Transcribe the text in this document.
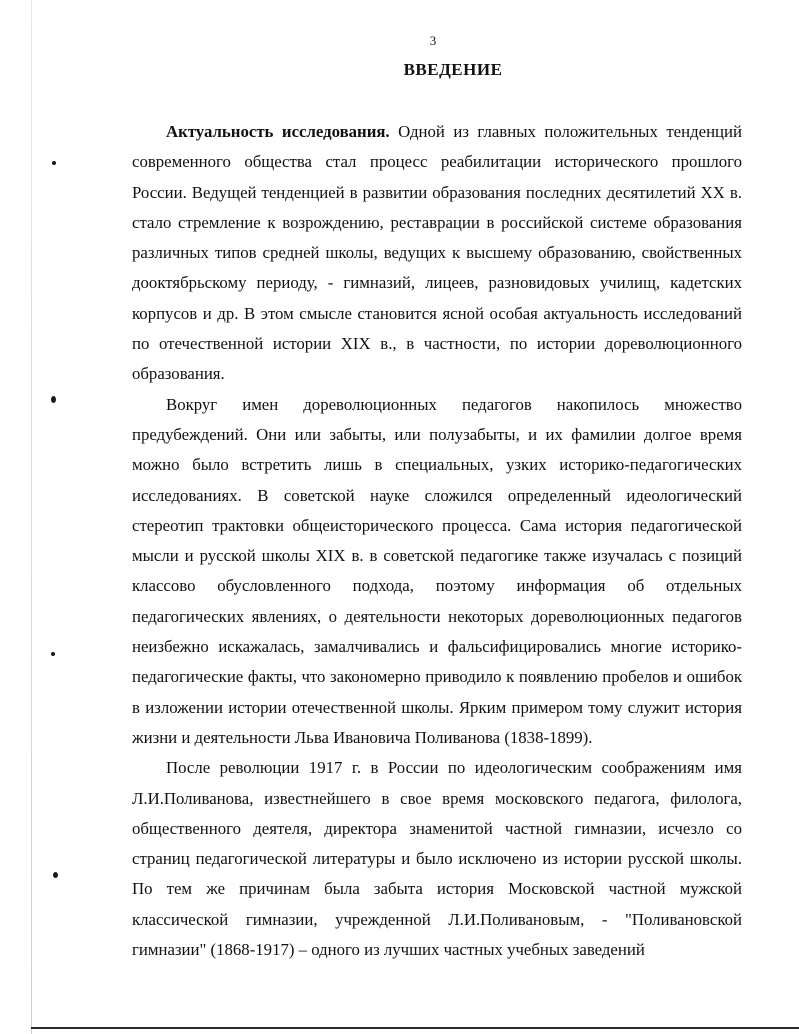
3
ВВЕДЕНИЕ

Актуальность исследования. Одной из главных положительных тенденций современного общества стал процесс реабилитации исторического прошлого России. Ведущей тенденцией в развитии образования последних десятилетий XX в. стало стремление к возрождению, реставрации в российской системе образования различных типов средней школы, ведущих к высшему образованию, свойственных дооктябрьскому периоду, - гимназий, лицеев, разновидовых училищ, кадетских корпусов и др. В этом смысле становится ясной особая актуальность исследований по отечественной истории XIX в., в частности, по истории дореволюционного образования.

Вокруг имен дореволюционных педагогов накопилось множество предубеждений. Они или забыты, или полузабыты, и их фамилии долгое время можно было встретить лишь в специальных, узких историко-педагогических исследованиях. В советской науке сложился определенный идеологический стереотип трактовки общеисторического процесса. Сама история педагогической мысли и русской школы XIX в. в советской педагогике также изучалась с позиций классово обусловленного подхода, поэтому информация об отдельных педагогических явлениях, о деятельности некоторых дореволюционных педагогов неизбежно искажалась, замалчивались и фальсифицировались многие историко-педагогические факты, что закономерно приводило к появлению пробелов и ошибок в изложении истории отечественной школы. Ярким примером тому служит история жизни и деятельности Льва Ивановича Поливанова (1838-1899).

После революции 1917 г. в России по идеологическим соображениям имя Л.И.Поливанова, известнейшего в свое время московского педагога, филолога, общественного деятеля, директора знаменитой частной гимназии, исчезло со страниц педагогической литературы и было исключено из истории русской школы. По тем же причинам была забыта история Московской частной мужской классической гимназии, учрежденной Л.И.Поливановым, - "Поливановской гимназии" (1868-1917) – одного из лучших частных учебных заведений
